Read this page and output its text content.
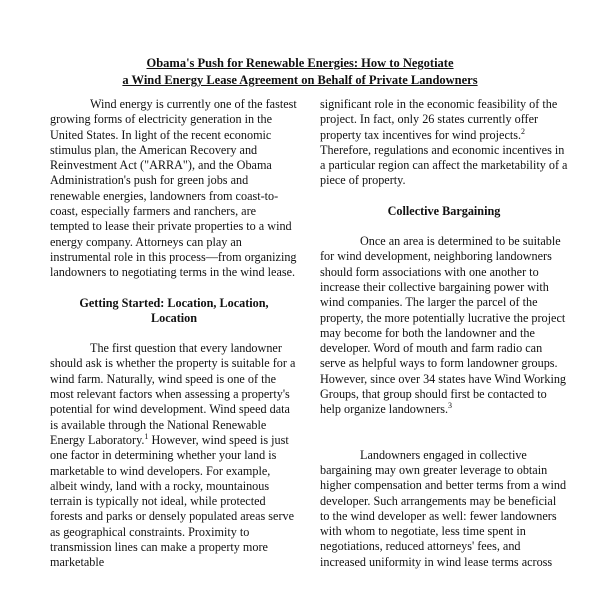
Obama's Push for Renewable Energies: How to Negotiate
a Wind Energy Lease Agreement on Behalf of Private Landowners

Wind energy is currently one of the fastest growing forms of electricity generation in the United States. In light of the recent economic stimulus plan, the American Recovery and Reinvestment Act ("ARRA"), and the Obama Administration's push for green jobs and renewable energies, landowners from coast-to-coast, especially farmers and ranchers, are tempted to lease their private properties to a wind energy company. Attorneys can play an instrumental role in this process—from organizing landowners to negotiating terms in the wind lease.

Getting Started: Location, Location,
Location

The first question that every landowner should ask is whether the property is suitable for a wind farm. Naturally, wind speed is one of the most relevant factors when assessing a property's potential for wind development. Wind speed data is available through the National Renewable Energy Laboratory.$^1$ However, wind speed is just one factor in determining whether your land is marketable to wind developers. For example, albeit windy, land with a rocky, mountainous terrain is typically not ideal, while protected forests and parks or densely populated areas serve as geographical constraints. Proximity to transmission lines can make a property more marketable

significant role in the economic feasibility of the project. In fact, only 26 states currently offer property tax incentives for wind projects.$^2$ Therefore, regulations and economic incentives in a particular region can affect the marketability of a piece of property.

Collective Bargaining

Once an area is determined to be suitable for wind development, neighboring landowners should form associations with one another to increase their collective bargaining power with wind companies. The larger the parcel of the property, the more potentially lucrative the project may become for both the landowner and the developer. Word of mouth and farm radio can serve as helpful ways to form landowner groups. However, since over 34 states have Wind Working Groups, that group should first be contacted to help organize landowners.$^3$

Landowners engaged in collective bargaining may own greater leverage to obtain higher compensation and better terms from a wind developer. Such arrangements may be beneficial to the wind developer as well: fewer landowners with whom to negotiate, less time spent in negotiations, reduced attorneys' fees, and increased uniformity in wind lease terms across
